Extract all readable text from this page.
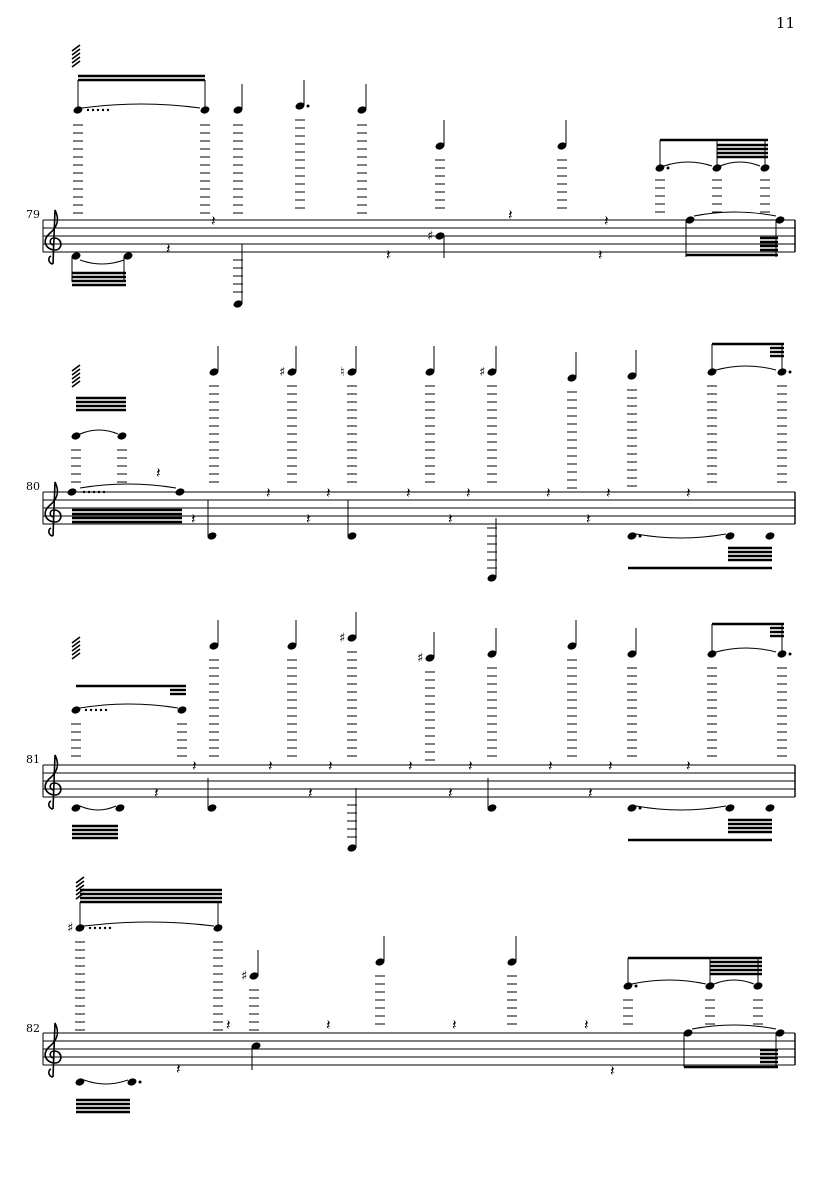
11
79
80
81
82
𝄽	𝄽	𝄽
𝄽	𝄽
♯
𝄽
𝄽
♯	♮	♯
𝄽	𝄽	𝄽	𝄽	𝄽	𝄽	𝄽
𝄽	𝄽	𝄽	𝄽
♯
♯
𝄽	𝄽	𝄽	𝄽	𝄽	𝄽	𝄽	𝄽
𝄽	𝄽	𝄽	𝄽
♯
♯
𝄽	𝄽	𝄽	𝄽
𝄽	𝄽
